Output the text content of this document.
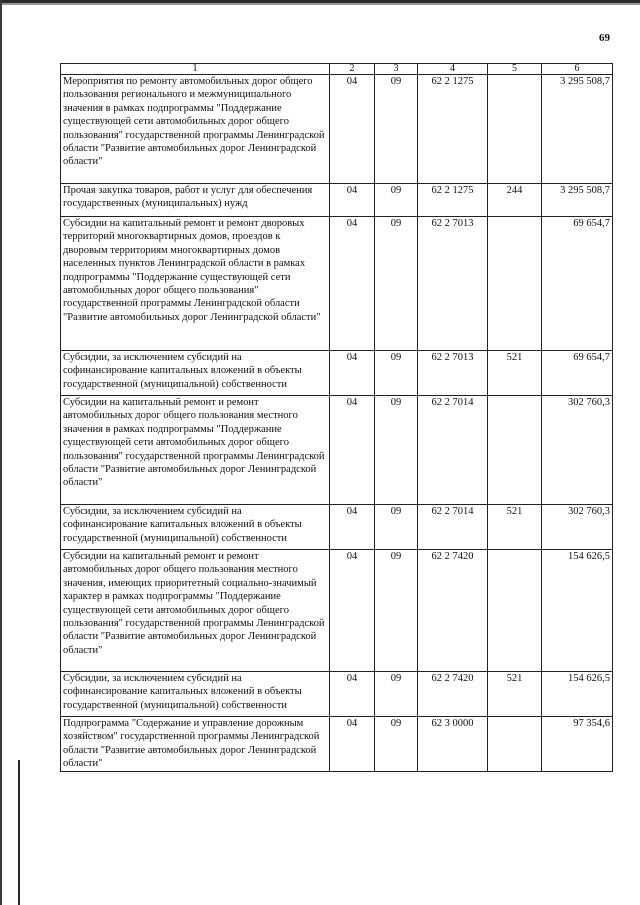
69
1	2	3	4	5	6
Мероприятия по ремонту автомобильных дорог общего пользования регионального и межмуниципального значения в рамках подпрограммы "Поддержание существующей сети автомобильных дорог общего пользования" государственной программы Ленинградской области "Развитие автомобильных дорог Ленинградской области"	04	09	62 2 1275		3 295 508,7
Прочая закупка товаров, работ и услуг для обеспечения государственных (муниципальных) нужд	04	09	62 2 1275	244	3 295 508,7
Субсидии на капитальный ремонт и ремонт дворовых территорий многоквартирных домов, проездов к дворовым территориям многоквартирных домов населенных пунктов Ленинградской области в рамках подпрограммы "Поддержание существующей сети автомобильных дорог общего пользования" государственной программы Ленинградской области "Развитие автомобильных дорог Ленинградской области"	04	09	62 2 7013		69 654,7
Субсидии, за исключением субсидий на софинансирование капитальных вложений в объекты государственной (муниципальной) собственности	04	09	62 2 7013	521	69 654,7
Субсидии на капитальный ремонт и ремонт автомобильных дорог общего пользования местного значения в рамках подпрограммы "Поддержание существующей сети автомобильных дорог общего пользования" государственной программы Ленинградской области "Развитие автомобильных дорог Ленинградской области"	04	09	62 2 7014		302 760,3
Субсидии, за исключением субсидий на софинансирование капитальных вложений в объекты государственной (муниципальной) собственности	04	09	62 2 7014	521	302 760,3
Субсидии на капитальный ремонт и ремонт автомобильных дорог общего пользования местного значения, имеющих приоритетный социально-значимый характер в рамках подпрограммы "Поддержание существующей сети автомобильных дорог общего пользования" государственной программы Ленинградской области "Развитие автомобильных дорог Ленинградской области"	04	09	62 2 7420		154 626,5
Субсидии, за исключением субсидий на софинансирование капитальных вложений в объекты государственной (муниципальной) собственности	04	09	62 2 7420	521	154 626,5
Подпрограмма "Содержание и управление дорожным хозяйством" государственной программы Ленинградской области "Развитие автомобильных дорог Ленинградской области"	04	09	62 3 0000		97 354,6
